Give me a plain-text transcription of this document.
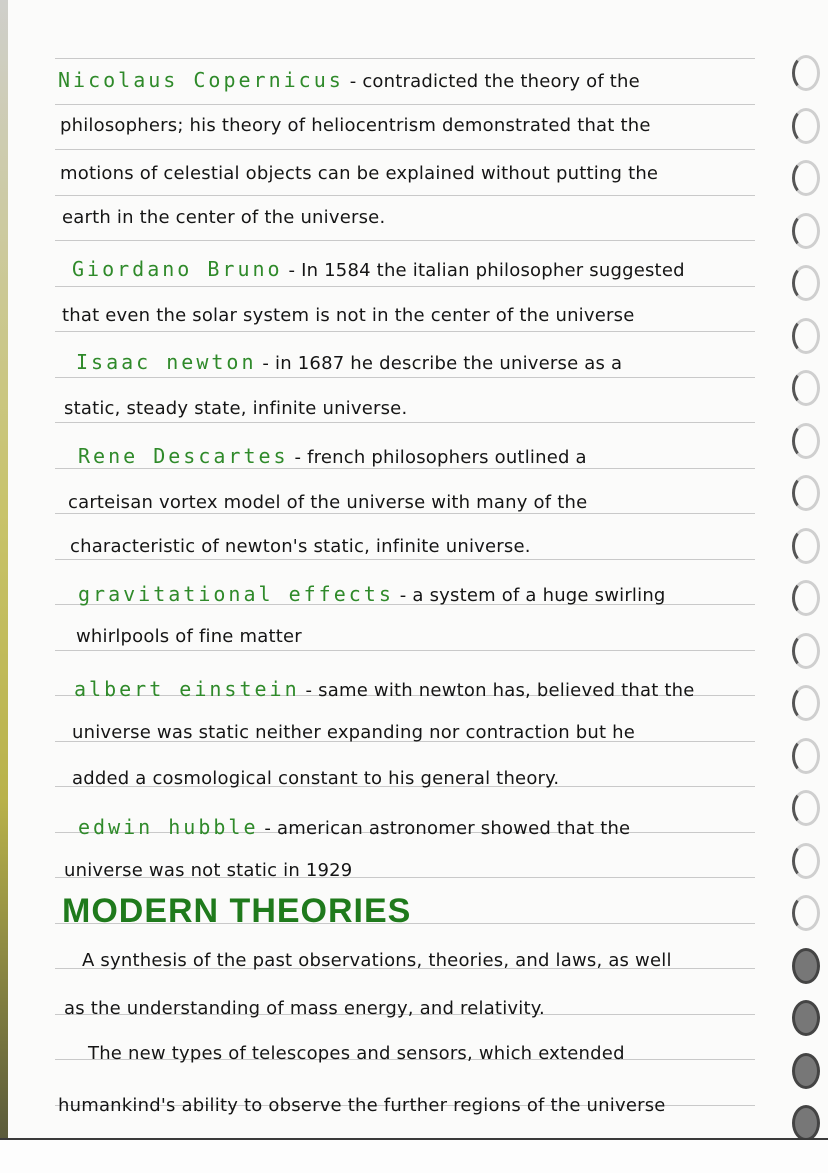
Nicolaus Copernicus - contradicted the theory of the
philosophers; his theory of heliocentrism demonstrated that the
motions of celestial objects can be explained without putting the
earth in the center of the universe.
Giordano Bruno - In 1584 the italian philosopher suggested
that even the solar system is not in the center of the universe
Isaac newton - in 1687 he describe the universe as a
static, steady state, infinite universe.
Rene Descartes - french philosophers outlined a
carteisan vortex model of the universe with many of the
characteristic of newton's static, infinite universe.
gravitational effects - a system of a huge swirling
whirlpools of fine matter
albert einstein - same with newton has, believed that the
universe was static neither expanding nor contraction but he
added a cosmological constant to his general theory.
edwin hubble - american astronomer showed that the
universe was not static in 1929
MODERN THEORIES
A synthesis of the past observations, theories, and laws, as well
as the understanding of mass energy, and relativity.
The new types of telescopes and sensors, which extended
humankind's ability to observe the further regions of the universe
